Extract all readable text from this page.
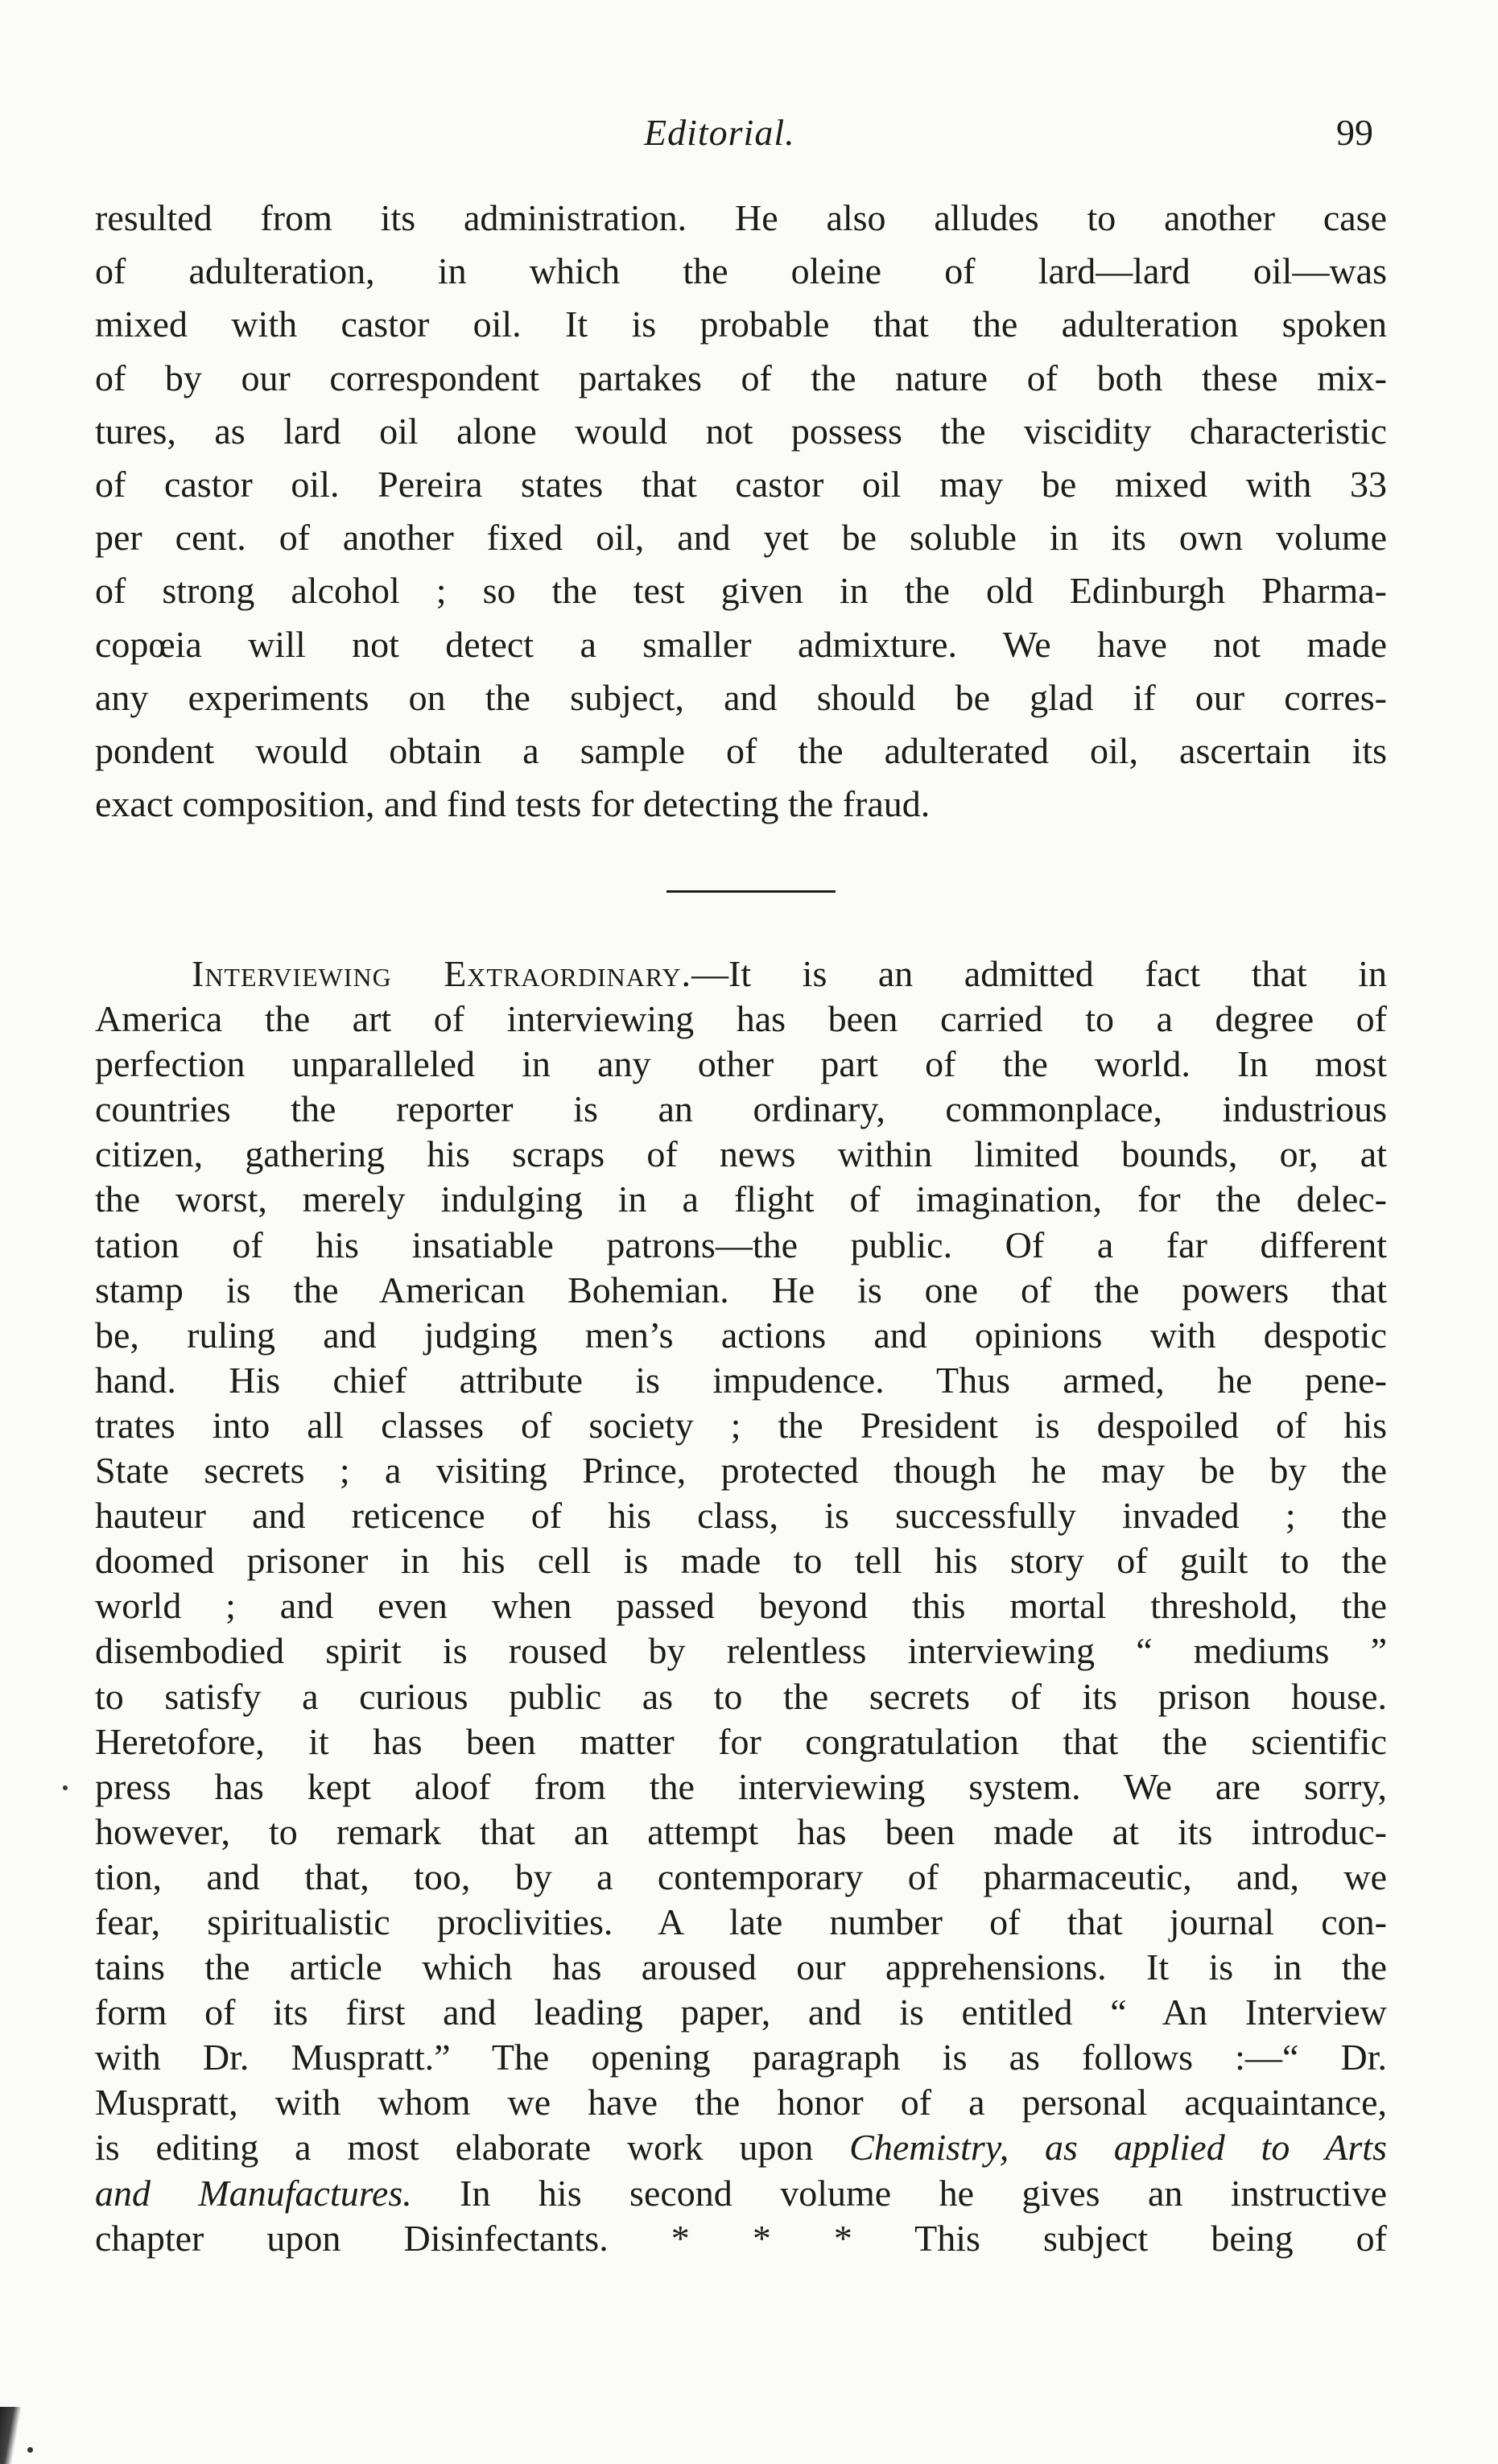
Editorial.	99
resulted from its administration. He also alludes to another case
of adulteration, in which the oleine of lard—lard oil—was
mixed with castor oil. It is probable that the adulteration spoken
of by our correspondent partakes of the nature of both these mix-
tures, as lard oil alone would not possess the viscidity characteristic
of castor oil. Pereira states that castor oil may be mixed with 33
per cent. of another fixed oil, and yet be soluble in its own volume
of strong alcohol ; so the test given in the old Edinburgh Pharma-
copœia will not detect a smaller admixture. We have not made
any experiments on the subject, and should be glad if our corres-
pondent would obtain a sample of the adulterated oil, ascertain its
exact composition, and find tests for detecting the fraud.
Interviewing Extraordinary.—It is an admitted fact that in
America the art of interviewing has been carried to a degree of
perfection unparalleled in any other part of the world. In most
countries the reporter is an ordinary, commonplace, industrious
citizen, gathering his scraps of news within limited bounds, or, at
the worst, merely indulging in a flight of imagination, for the delec-
tation of his insatiable patrons—the public. Of a far different
stamp is the American Bohemian. He is one of the powers that
be, ruling and judging men’s actions and opinions with despotic
hand. His chief attribute is impudence. Thus armed, he pene-
trates into all classes of society ; the President is despoiled of his
State secrets ; a visiting Prince, protected though he may be by the
hauteur and reticence of his class, is successfully invaded ; the
doomed prisoner in his cell is made to tell his story of guilt to the
world ; and even when passed beyond this mortal threshold, the
disembodied spirit is roused by relentless interviewing “ mediums ”
to satisfy a curious public as to the secrets of its prison house.
Heretofore, it has been matter for congratulation that the scientific
press has kept aloof from the interviewing system. We are sorry,
however, to remark that an attempt has been made at its introduc-
tion, and that, too, by a contemporary of pharmaceutic, and, we
fear, spiritualistic proclivities. A late number of that journal con-
tains the article which has aroused our apprehensions. It is in the
form of its first and leading paper, and is entitled “ An Interview
with Dr. Muspratt.” The opening paragraph is as follows :—“ Dr.
Muspratt, with whom we have the honor of a personal acquaintance,
is editing a most elaborate work upon Chemistry, as applied to Arts
and Manufactures. In his second volume he gives an instructive
chapter upon Disinfectants. * * * This subject being of
